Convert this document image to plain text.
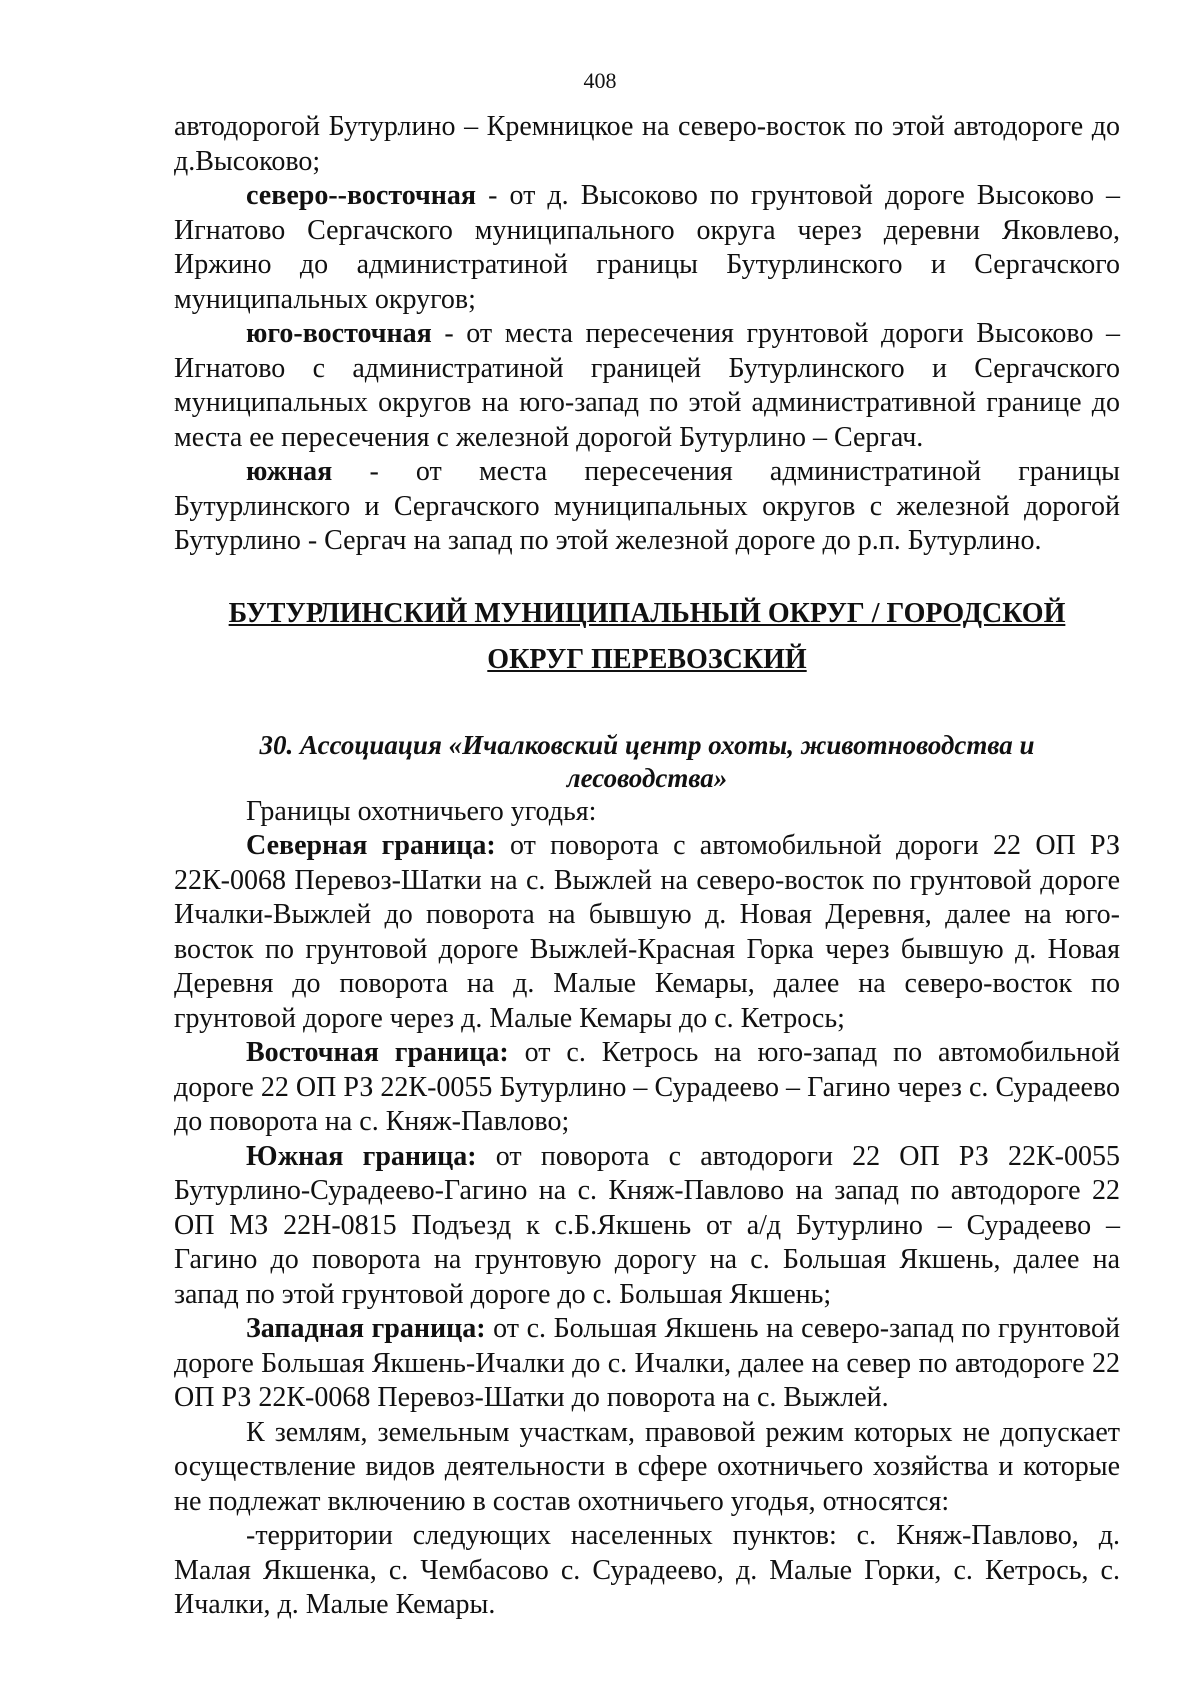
408

автодорогой Бутурлино – Кремницкое на северо-восток по этой автодороге до д.Высоково;

северо--восточная - от д. Высоково по грунтовой дороге Высоково – Игнатово Сергачского муниципального округа через деревни Яковлево, Иржино до администратиной границы Бутурлинского и Сергачского муниципальных округов;

юго-восточная - от места пересечения грунтовой дороги Высоково – Игнатово с администратиной границей Бутурлинского и Сергачского муниципальных округов на юго-запад по этой административной границе до места ее пересечения с железной дорогой Бутурлино – Сергач.

южная - от места пересечения администратиной границы Бутурлинского и Сергачского муниципальных округов с железной дорогой Бутурлино - Сергач на запад по этой железной дороге до р.п. Бутурлино.

БУТУРЛИНСКИЙ МУНИЦИПАЛЬНЫЙ ОКРУГ / ГОРОДСКОЙ
ОКРУГ ПЕРЕВОЗСКИЙ
30. Ассоциация «Ичалковский центр охоты, животноводства и лесоводства»

Границы охотничьего угодья:

Северная граница: от поворота с автомобильной дороги 22 ОП РЗ 22К-0068 Перевоз-Шатки на с. Выжлей на северо-восток по грунтовой дороге Ичалки-Выжлей до поворота на бывшую д. Новая Деревня, далее на юго-восток по грунтовой дороге Выжлей-Красная Горка через бывшую д. Новая Деревня до поворота на д. Малые Кемары, далее на северо-восток по грунтовой дороге через д. Малые Кемары до с. Кетрось;

Восточная граница: от с. Кетрось на юго-запад по автомобильной дороге 22 ОП РЗ 22К-0055 Бутурлино – Сурадеево – Гагино через с. Сурадеево до поворота на с. Княж-Павлово;

Южная граница: от поворота с автодороги 22 ОП РЗ 22К-0055 Бутурлино-Сурадеево-Гагино на с. Княж-Павлово на запад по автодороге 22 ОП МЗ 22Н-0815 Подъезд к с.Б.Якшень от а/д Бутурлино – Сурадеево – Гагино до поворота на грунтовую дорогу на с. Большая Якшень, далее на запад по этой грунтовой дороге до с. Большая Якшень;

Западная граница: от с. Большая Якшень на северо-запад по грунтовой дороге Большая Якшень-Ичалки до с. Ичалки, далее на север по автодороге 22 ОП РЗ 22К-0068 Перевоз-Шатки до поворота на с. Выжлей.

К землям, земельным участкам, правовой режим которых не допускает осуществление видов деятельности в сфере охотничьего хозяйства и которые не подлежат включению в состав охотничьего угодья, относятся:

-территории следующих населенных пунктов: с. Княж-Павлово, д. Малая Якшенка, с. Чембасово с. Сурадеево, д. Малые Горки, с. Кетрось, с. Ичалки, д. Малые Кемары.
